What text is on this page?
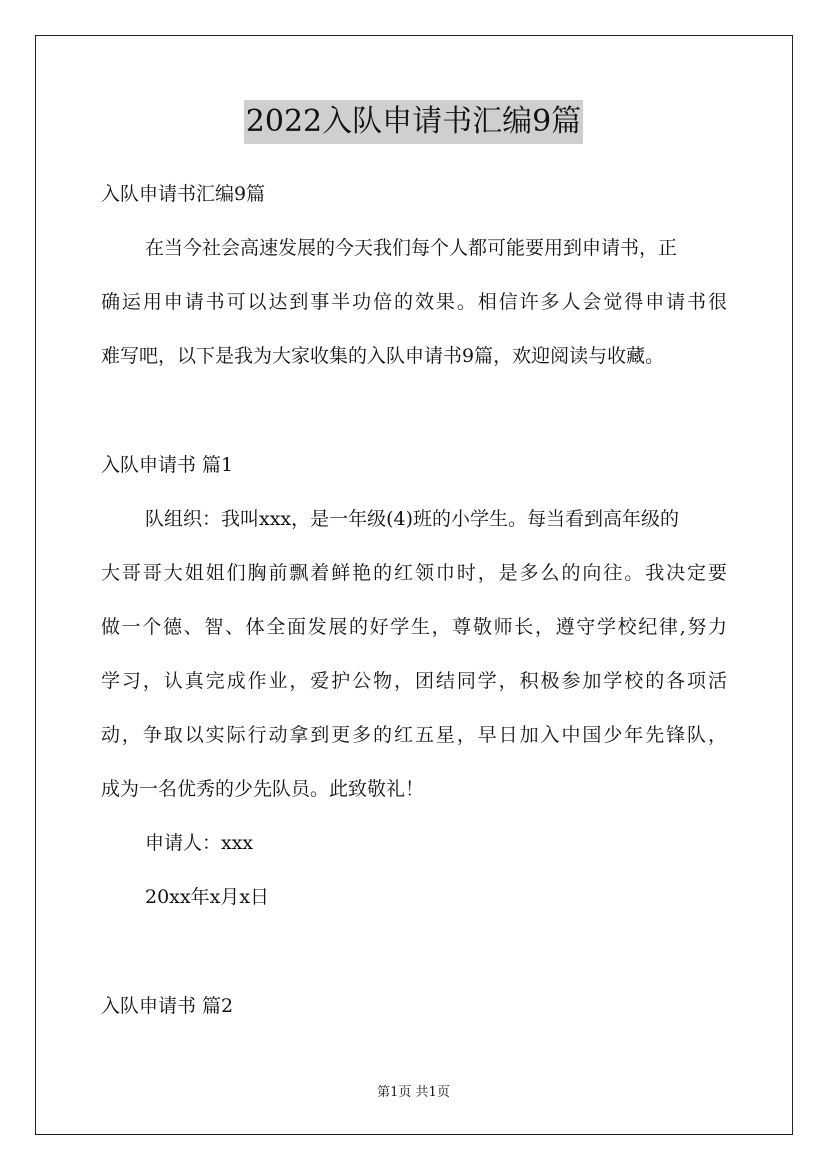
2022入队申请书汇编9篇
入队申请书汇编9篇
在当今社会高速发展的今天我们每个人都可能要用到申请书，正
确运用申请书可以达到事半功倍的效果。相信许多人会觉得申请书很
难写吧，以下是我为大家收集的入队申请书9篇，欢迎阅读与收藏。
入队申请书 篇1
队组织：我叫xxx，是一年级(4)班的小学生。每当看到高年级的
大哥哥大姐姐们胸前飘着鲜艳的红领巾时，是多么的向往。我决定要
做一个德、智、体全面发展的好学生，尊敬师长，遵守学校纪律,努力
学习，认真完成作业，爱护公物，团结同学，积极参加学校的各项活
动，争取以实际行动拿到更多的红五星，早日加入中国少年先锋队，
成为一名优秀的少先队员。此致敬礼！
申请人：xxx
20xx年x月x日
入队申请书 篇2
第1页 共1页
